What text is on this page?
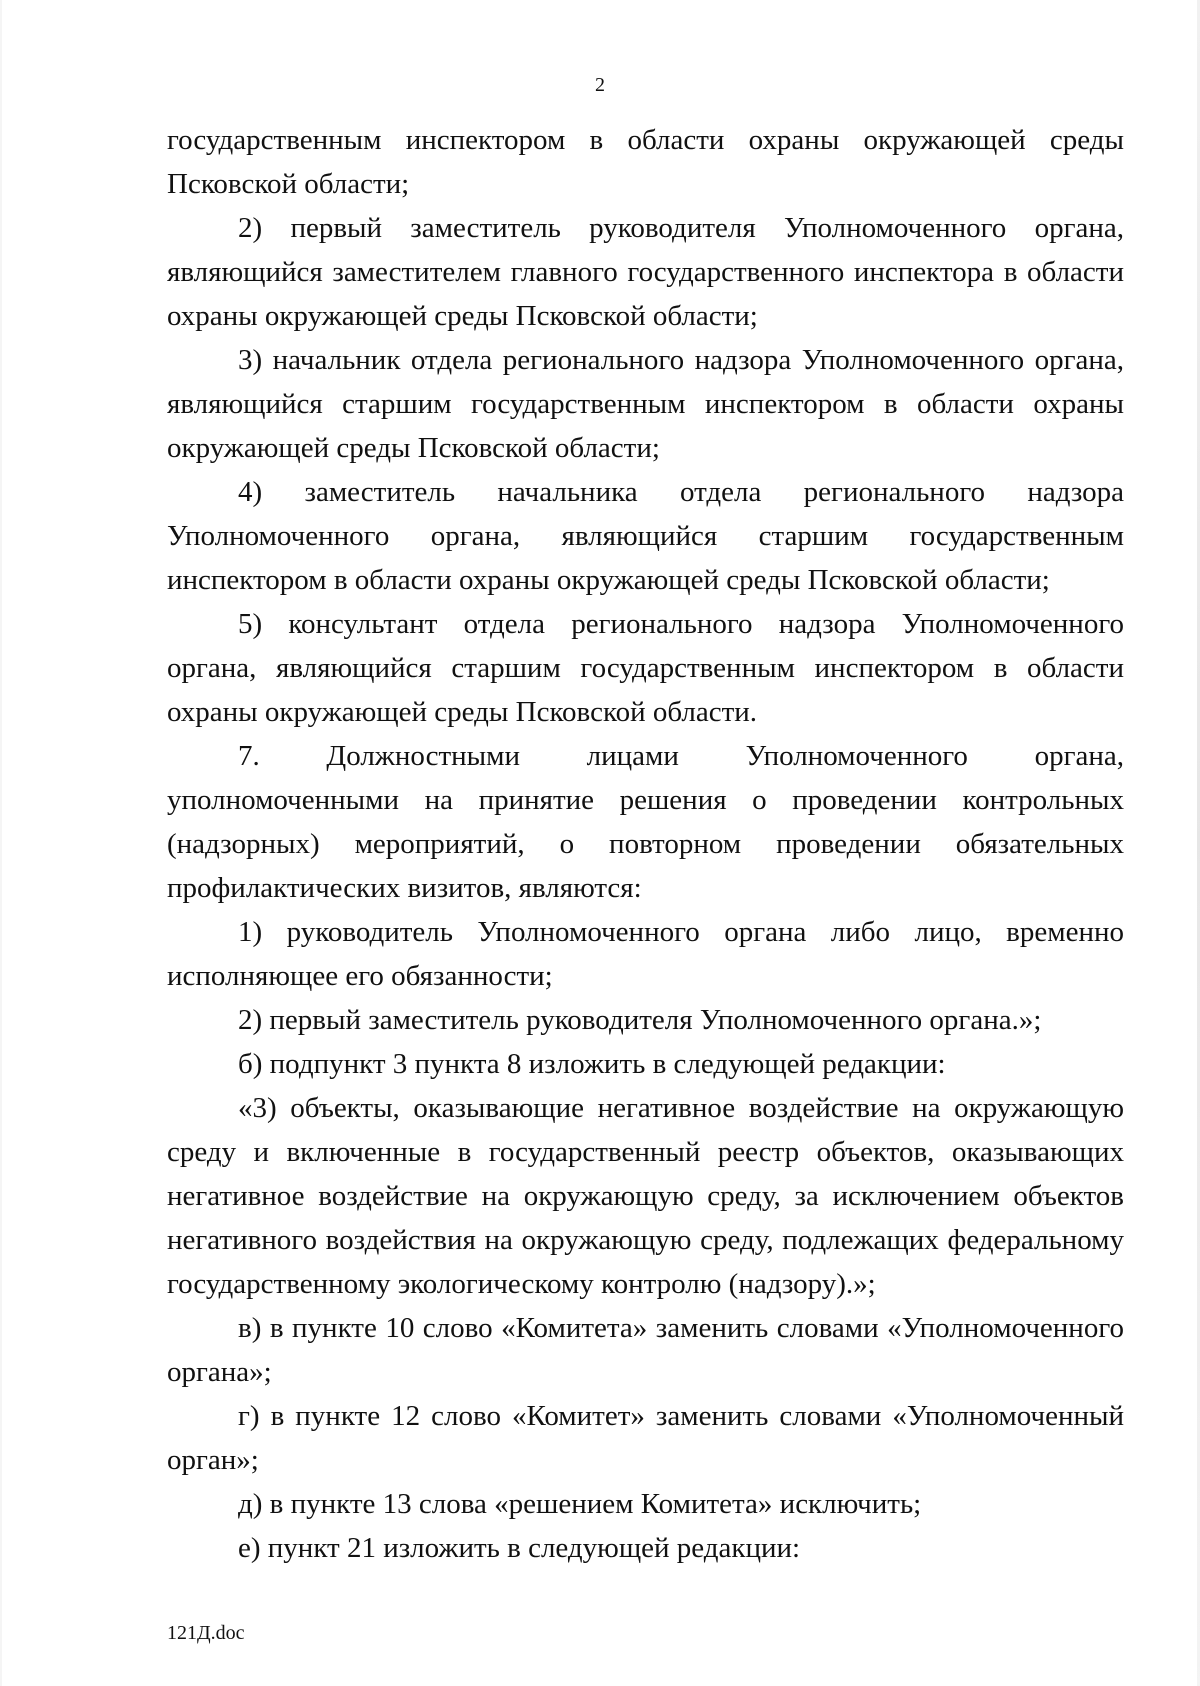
2

государственным инспектором в области охраны окружающей среды Псковской области;

2) первый заместитель руководителя Уполномоченного органа, являющийся заместителем главного государственного инспектора в области охраны окружающей среды Псковской области;

3) начальник отдела регионального надзора Уполномоченного органа, являющийся старшим государственным инспектором в области охраны окружающей среды Псковской области;

4) заместитель начальника отдела регионального надзора Уполномоченного органа, являющийся старшим государственным инспектором в области охраны окружающей среды Псковской области;

5) консультант отдела регионального надзора Уполномоченного органа, являющийся старшим государственным инспектором в области охраны окружающей среды Псковской области.

7. Должностными лицами Уполномоченного органа, уполномоченными на принятие решения о проведении контрольных (надзорных) мероприятий, о повторном проведении обязательных профилактических визитов, являются:

1) руководитель Уполномоченного органа либо лицо, временно исполняющее его обязанности;

2) первый заместитель руководителя Уполномоченного органа.»;

б) подпункт 3 пункта 8 изложить в следующей редакции:

«3) объекты, оказывающие негативное воздействие на окружающую среду и включенные в государственный реестр объектов, оказывающих негативное воздействие на окружающую среду, за исключением объектов негативного воздействия на окружающую среду, подлежащих федеральному государственному экологическому контролю (надзору).»;

в) в пункте 10 слово «Комитета» заменить словами «Уполномоченного органа»;

г) в пункте 12 слово «Комитет» заменить словами «Уполномоченный орган»;

д) в пункте 13 слова «решением Комитета» исключить;

е) пункт 21 изложить в следующей редакции:

121Д.doc
